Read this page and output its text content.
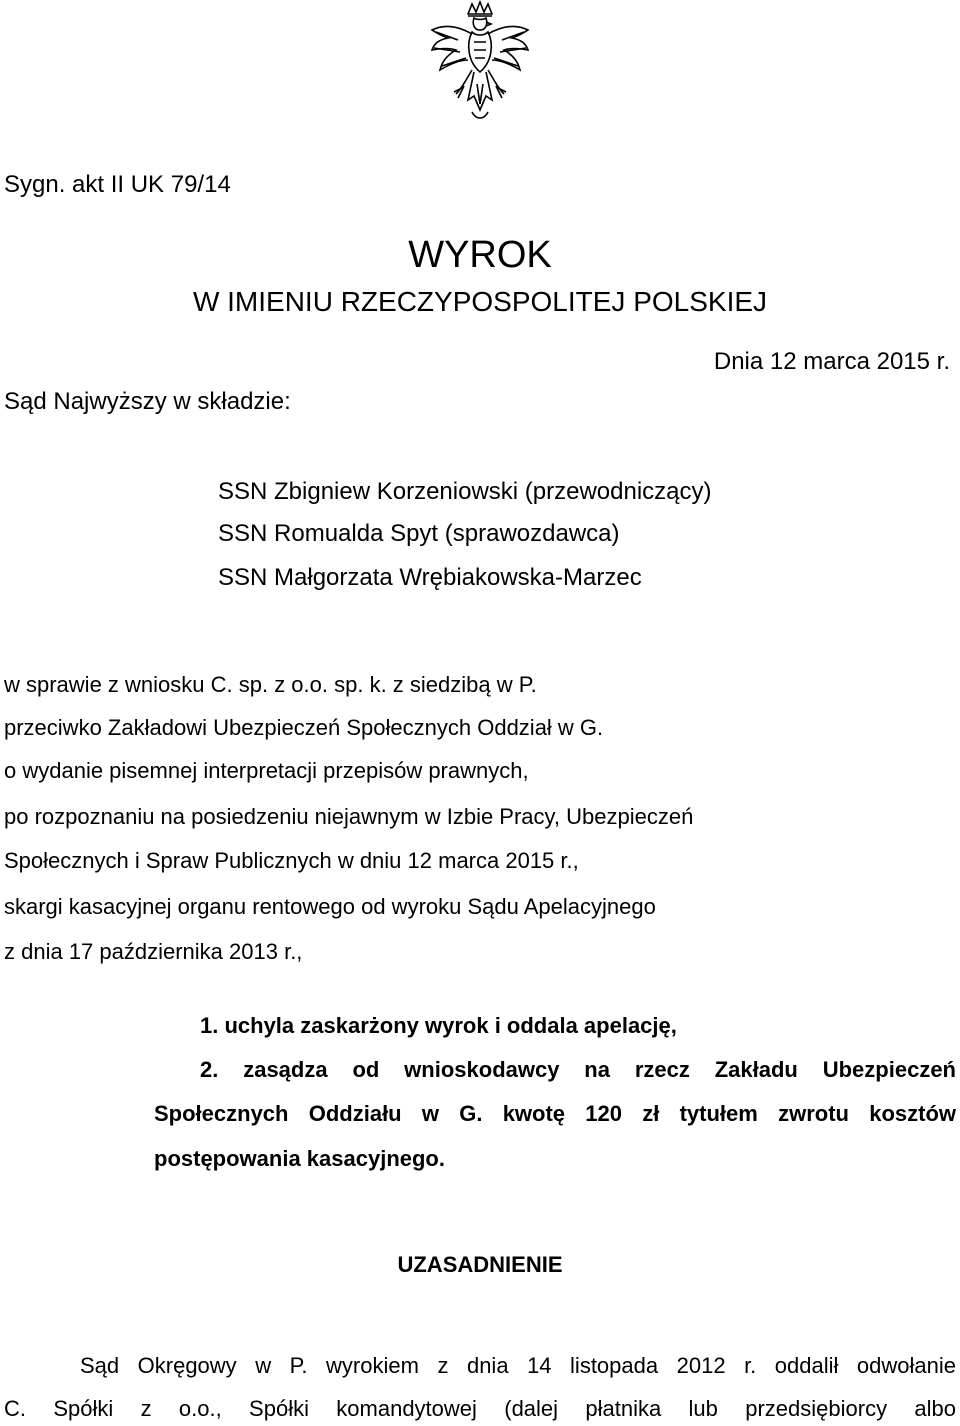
Sygn. akt II UK 79/14
WYROK
W IMIENIU RZECZYPOSPOLITEJ POLSKIEJ
Dnia 12 marca 2015 r.
Sąd Najwyższy w składzie:
SSN Zbigniew Korzeniowski (przewodniczący)
SSN Romualda Spyt (sprawozdawca)
SSN Małgorzata Wrębiakowska-Marzec
w sprawie z wniosku C. sp. z o.o. sp. k. z siedzibą w P.
przeciwko Zakładowi Ubezpieczeń Społecznych Oddział w G.
o wydanie pisemnej interpretacji przepisów prawnych,
po rozpoznaniu na posiedzeniu niejawnym w Izbie Pracy, Ubezpieczeń
Społecznych i Spraw Publicznych w dniu 12 marca 2015 r.,
skargi kasacyjnej organu rentowego od wyroku Sądu Apelacyjnego
z dnia 17 października 2013 r.,
1. uchyla zaskarżony wyrok i oddala apelację,
2. zasądza od wnioskodawcy na rzecz Zakładu Ubezpieczeń
Społecznych Oddziału w G. kwotę 120 zł tytułem zwrotu kosztów
postępowania kasacyjnego.
UZASADNIENIE
Sąd Okręgowy w P. wyrokiem z dnia 14 listopada 2012 r. oddalił odwołanie
C. Spółki z o.o., Spółki komandytowej (dalej płatnika lub przedsiębiorcy albo
